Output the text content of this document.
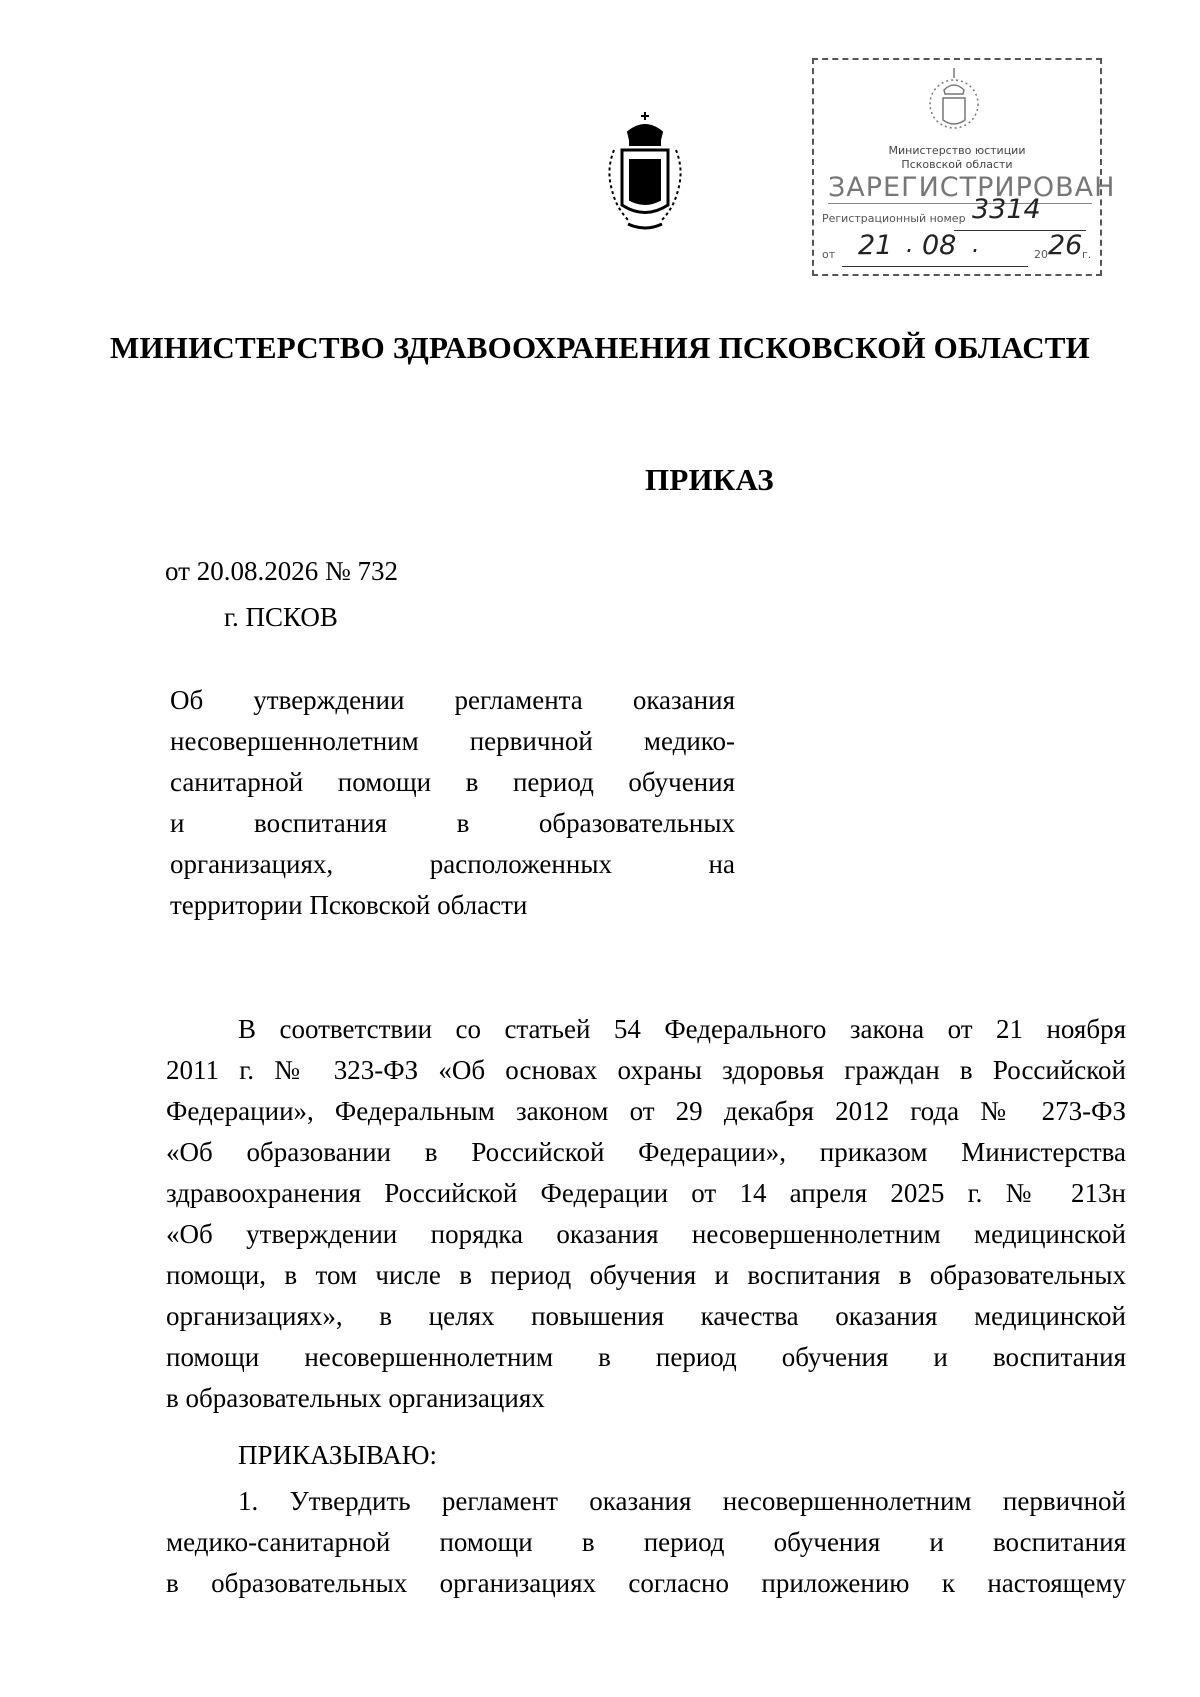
Министерство юстиции
Псковской области
ЗАРЕГИСТРИРОВАН
Регистрационный номер 3314
от 21 . 08 .	20 26 г.
МИНИСТЕРСТВО ЗДРАВООХРАНЕНИЯ ПСКОВСКОЙ ОБЛАСТИ
ПРИКАЗ
от 20.08.2026 № 732
г. ПСКОВ
Об утверждении регламента оказания
несовершеннолетним первичной медико-
санитарной помощи в период обучения
и воспитания в образовательных
организациях, расположенных на
территории Псковской области
В соответствии со статьей 54 Федерального закона от 21 ноября
2011 г. № 323-ФЗ «Об основах охраны здоровья граждан в Российской
Федерации», Федеральным законом от 29 декабря 2012 года № 273-ФЗ
«Об образовании в Российской Федерации», приказом Министерства
здравоохранения Российской Федерации от 14 апреля 2025 г. № 213н
«Об утверждении порядка оказания несовершеннолетним медицинской
помощи, в том числе в период обучения и воспитания в образовательных
организациях», в целях повышения качества оказания медицинской
помощи несовершеннолетним в период обучения и воспитания
в образовательных организациях
ПРИКАЗЫВАЮ:
1. Утвердить регламент оказания несовершеннолетним первичной
медико-санитарной помощи в период обучения и воспитания
в образовательных организациях согласно приложению к настоящему
